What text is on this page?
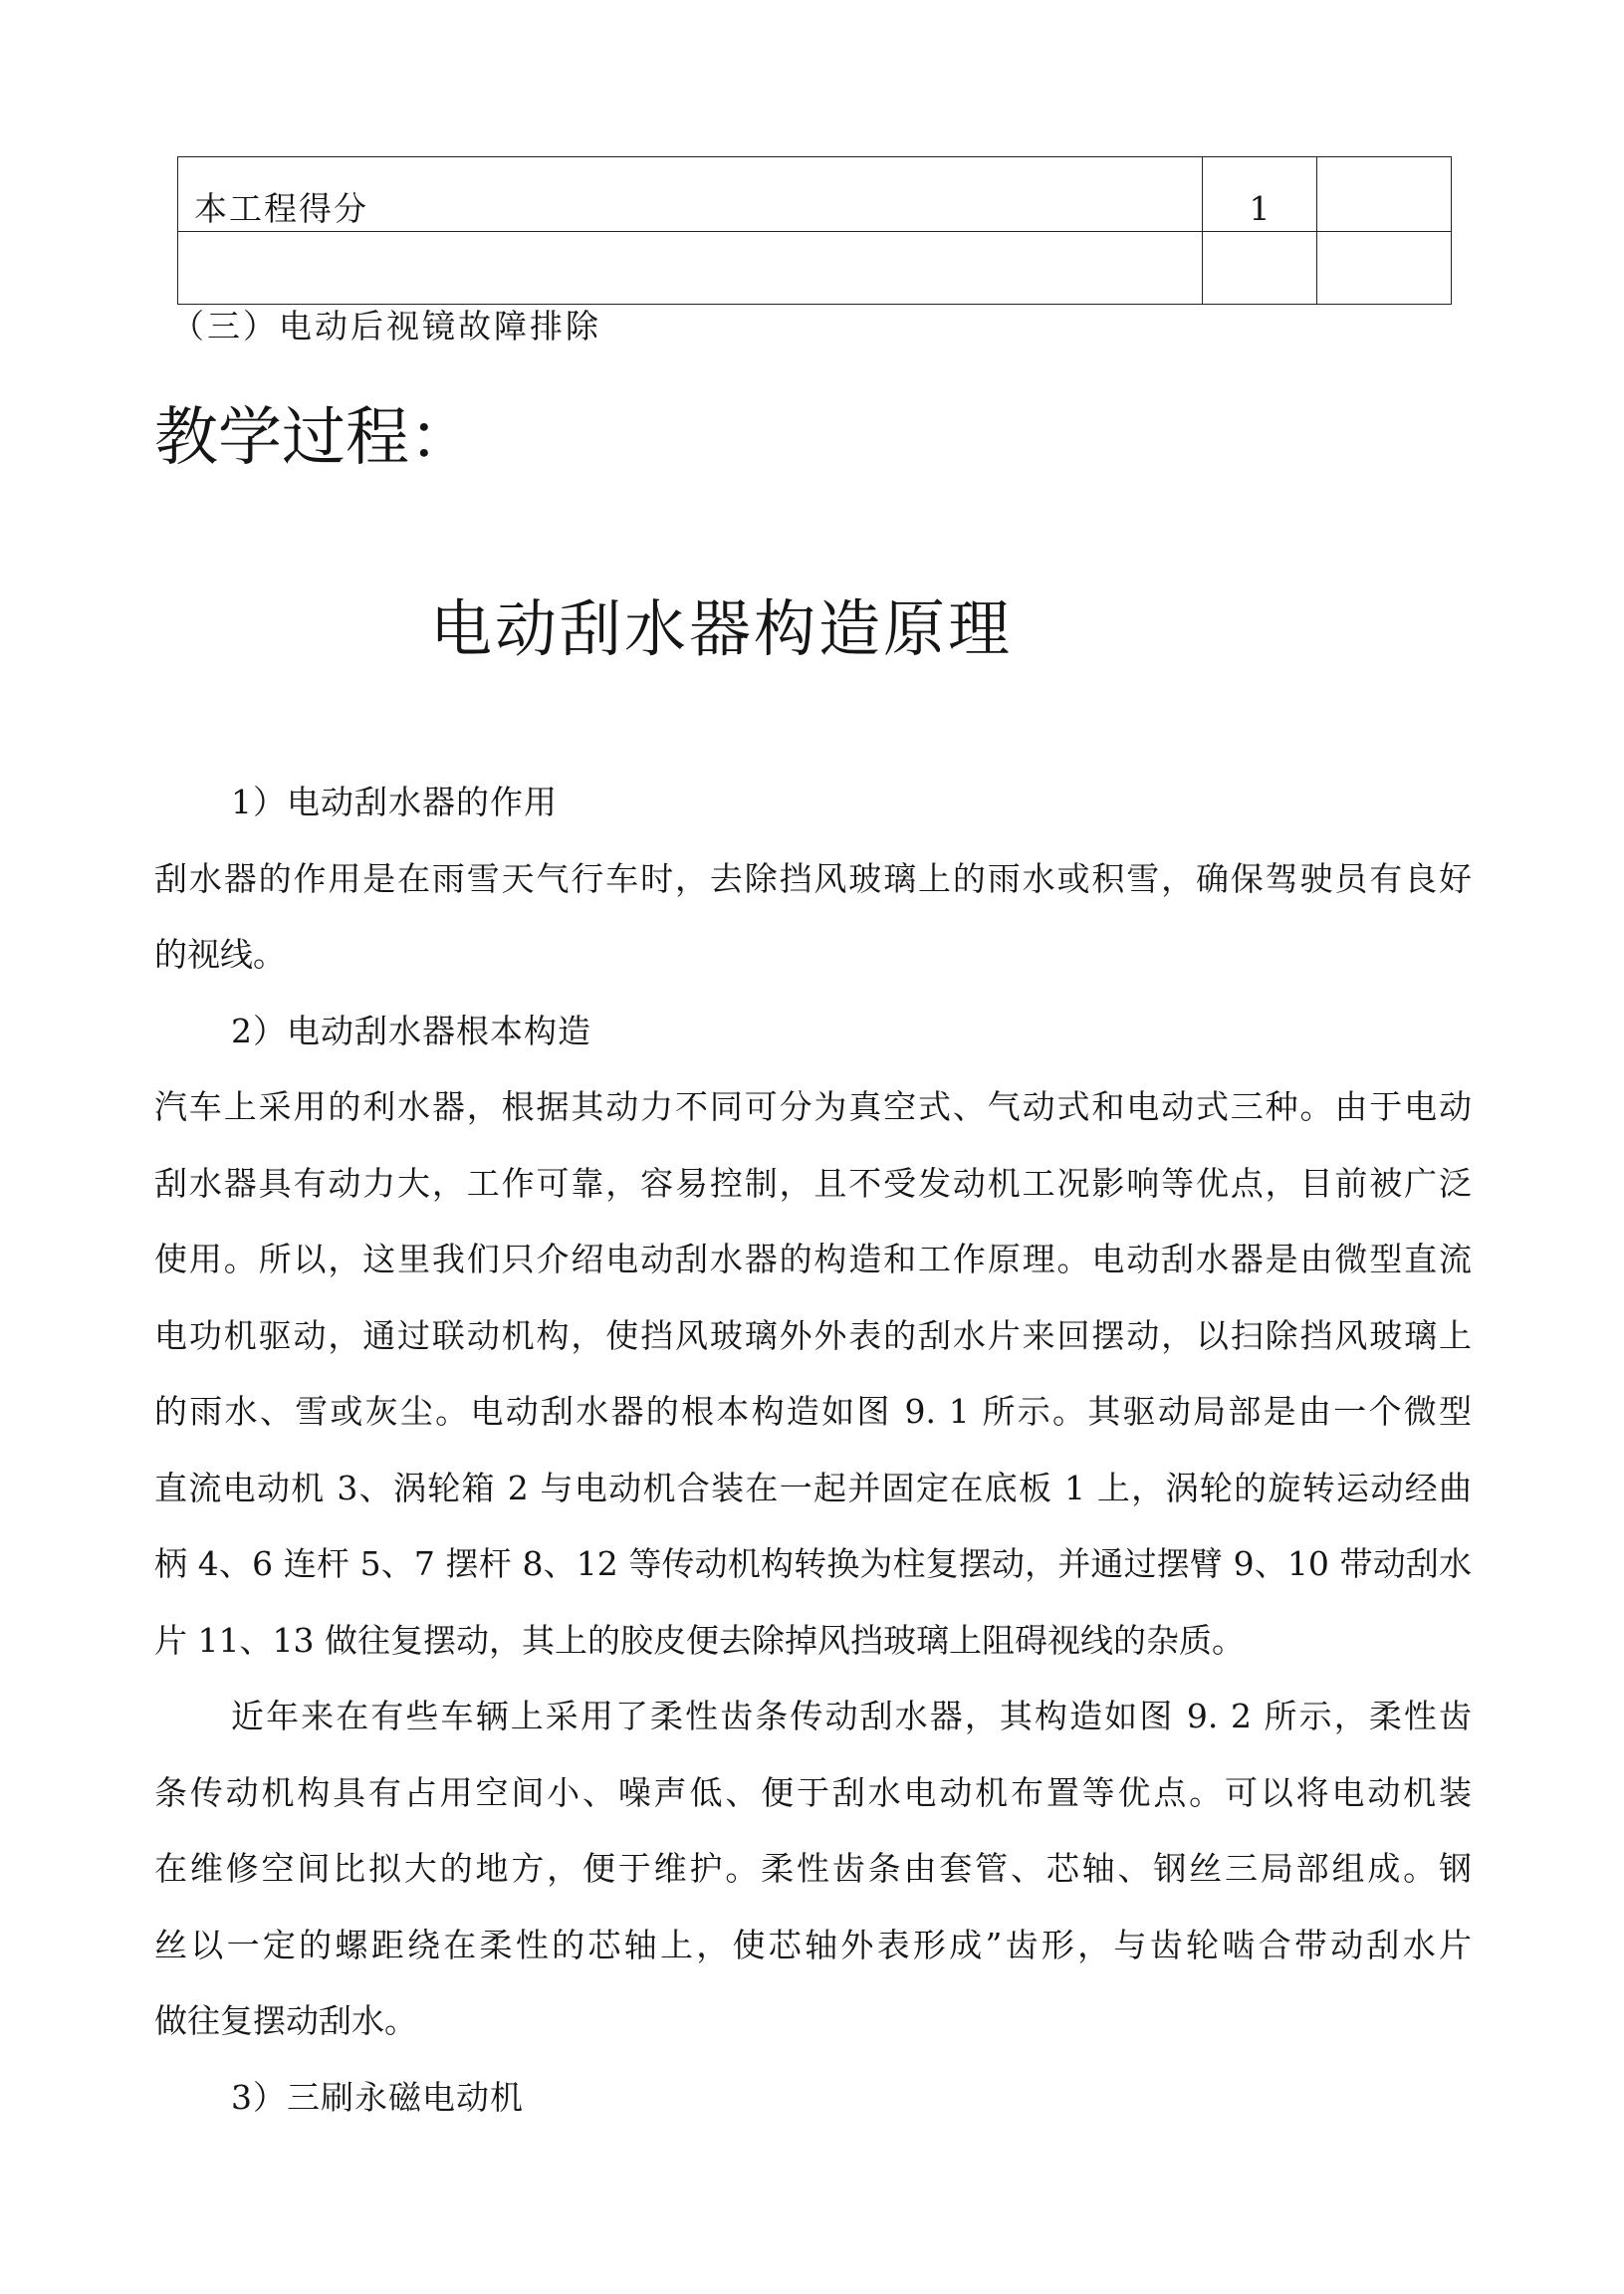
本工程得分	1	

（三）电动后视镜故障排除
教学过程：
电动刮水器构造原理
1）电动刮水器的作用
刮水器的作用是在雨雪天气行车时，去除挡风玻璃上的雨水或积雪，确保驾驶员有良好
的视线。
2）电动刮水器根本构造
汽车上采用的利水器，根据其动力不同可分为真空式、气动式和电动式三种。由于电动
刮水器具有动力大，工作可靠，容易控制，且不受发动机工况影响等优点，目前被广泛
使用。所以，这里我们只介绍电动刮水器的构造和工作原理。电动刮水器是由微型直流
电功机驱动，通过联动机构，使挡风玻璃外外表的刮水片来回摆动，以扫除挡风玻璃上
的雨水、雪或灰尘。电动刮水器的根本构造如图 9. 1 所示。其驱动局部是由一个微型
直流电动机 3、涡轮箱 2 与电动机合装在一起并固定在底板 1 上，涡轮的旋转运动经曲
柄 4、6 连杆 5、7 摆杆 8、12 等传动机构转换为柱复摆动，并通过摆臂 9、10 带动刮水
片 11、13 做往复摆动，其上的胶皮便去除掉风挡玻璃上阻碍视线的杂质。
近年来在有些车辆上采用了柔性齿条传动刮水器，其构造如图 9. 2 所示，柔性齿
条传动机构具有占用空间小、噪声低、便于刮水电动机布置等优点。可以将电动机装
在维修空间比拟大的地方，便于维护。柔性齿条由套管、芯轴、钢丝三局部组成。钢
丝以一定的螺距绕在柔性的芯轴上，使芯轴外表形成”齿形，与齿轮啮合带动刮水片
做往复摆动刮水。
3）三刷永磁电动机
